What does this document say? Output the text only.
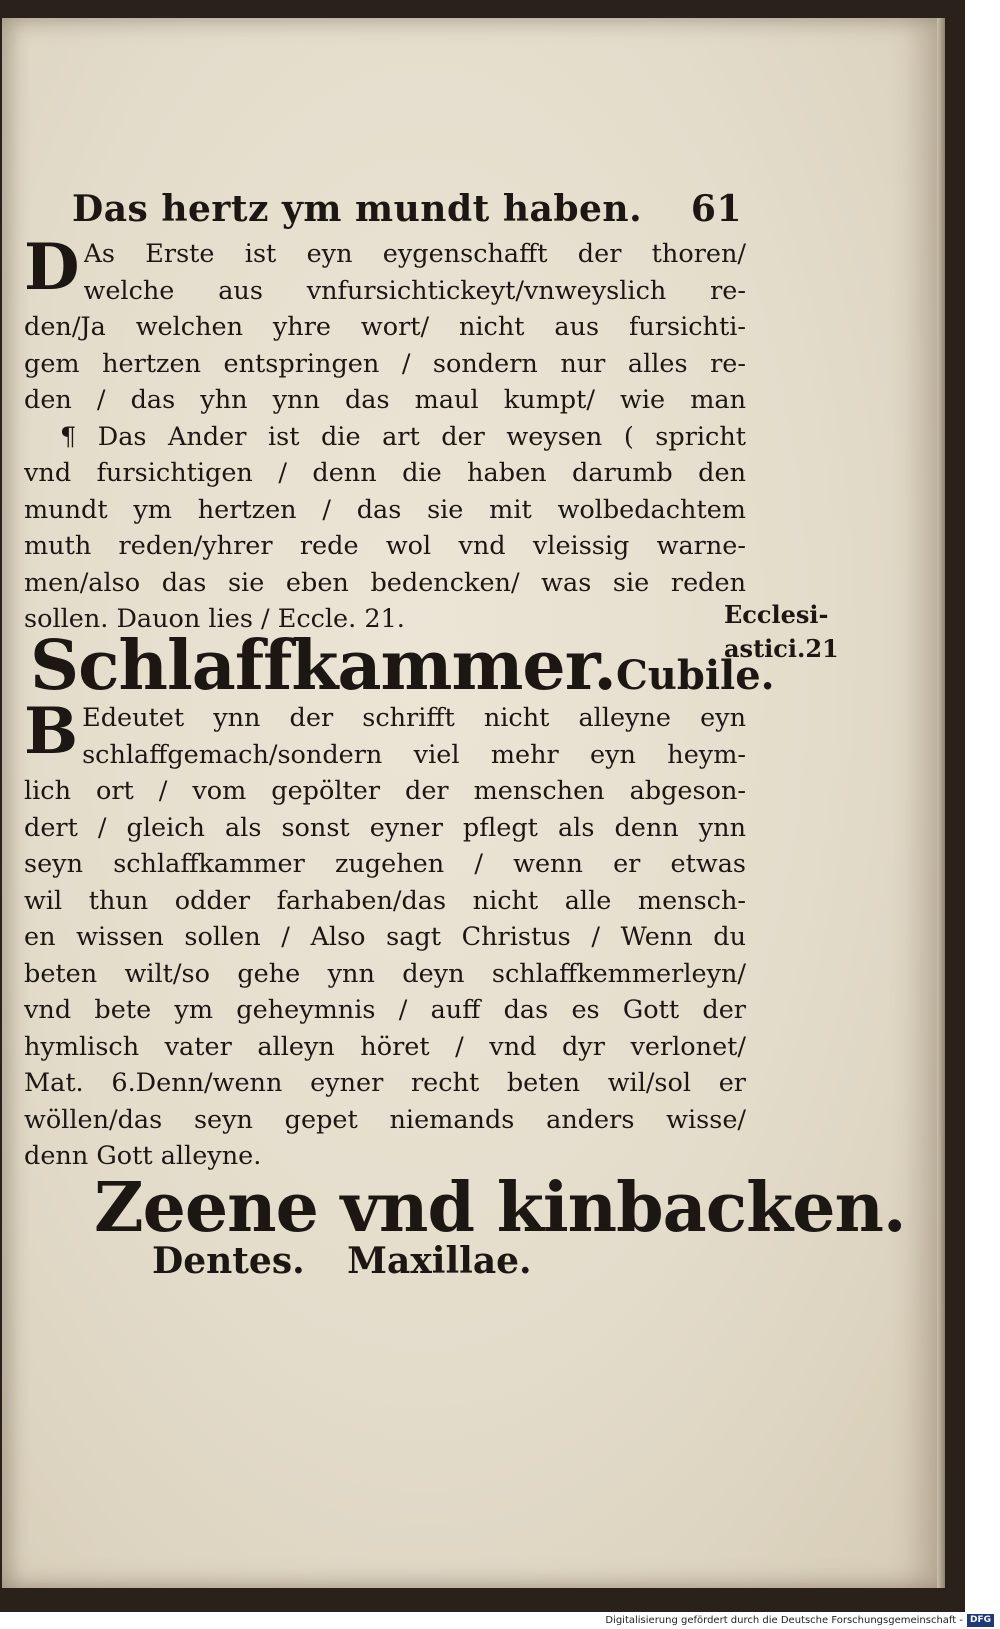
Das hertz ym mundt haben. 61
D As Erste ist eyn eygenschafft der thoren/
welche aus vnfursichtickeyt/vnweyslich re-
den/Ja welchen yhre wort/ nicht aus fursichti-
gem hertzen entspringen / sondern nur alles re-
den / das yhn ynn das maul kumpt/ wie man
¶ Das Ander ist die art der weysen ( spricht
vnd fursichtigen / denn die haben darumb den
mundt ym hertzen / das sie mit wolbedachtem
muth reden/yhrer rede wol vnd vleissig warne-
men/also das sie eben bedencken/ was sie reden
sollen. Dauon lies / Eccle. 21.	Ecclesi-
astici.21
Schlaffkammer. Cubile.
B Edeutet ynn der schrifft nicht alleyne eyn
schlaffgemach/sondern viel mehr eyn heym-
lich ort / vom gepölter der menschen abgeson-
dert / gleich als sonst eyner pflegt als denn ynn
seyn schlaffkammer zugehen / wenn er etwas
wil thun odder farhaben/das nicht alle mensch-
en wissen sollen / Also sagt Christus / Wenn du
beten wilt/so gehe ynn deyn schlaffkemmerleyn/
vnd bete ym geheymnis / auff das es Gott der
hymlisch vater alleyn höret / vnd dyr verlonet/
Mat. 6.Denn/wenn eyner recht beten wil/sol er
wöllen/das seyn gepet niemands anders wisse/
denn Gott alleyne.
Zeene vnd kinbacken.
Dentes. Maxillae.
Digitalisierung gefördert durch die Deutsche Forschungsgemeinschaft - DFG
